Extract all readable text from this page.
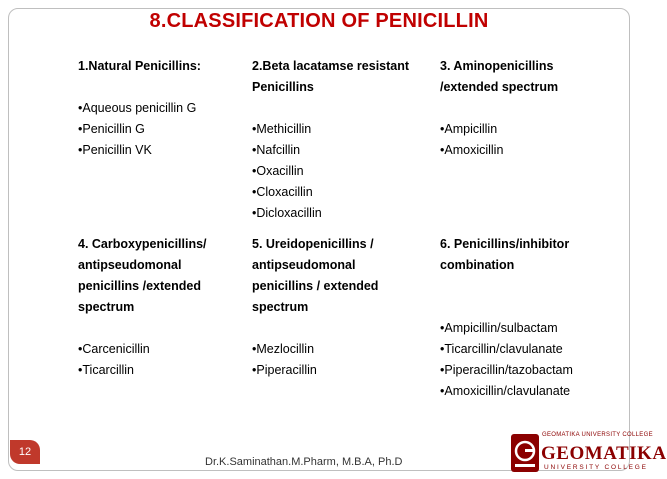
8.CLASSIFICATION OF PENICILLIN
1.Natural Penicillins:
•Aqueous penicillin G
•Penicillin G
•Penicillin VK
2.Beta lacatamse resistant
Penicillins
•Methicillin
•Nafcillin
•Oxacillin
•Cloxacillin
•Dicloxacillin
3. Aminopenicillins
/extended spectrum
•Ampicillin
•Amoxicillin
4. Carboxypenicillins/
antipseudomonal
penicillins /extended
spectrum
•Carcenicillin
•Ticarcillin
5. Ureidopenicillins /
antipseudomonal
penicillins / extended
spectrum
•Mezlocillin
•Piperacillin
6. Penicillins/inhibitor
combination
•Ampicillin/sulbactam
•Ticarcillin/clavulanate
•Piperacillin/tazobactam
•Amoxicillin/clavulanate
12
Dr.K.Saminathan.M.Pharm, M.B.A, Ph.D
GEOMATIKA UNIVERSITY COLLEGE
GEOMATIKA
UNIVERSITY COLLEGE
